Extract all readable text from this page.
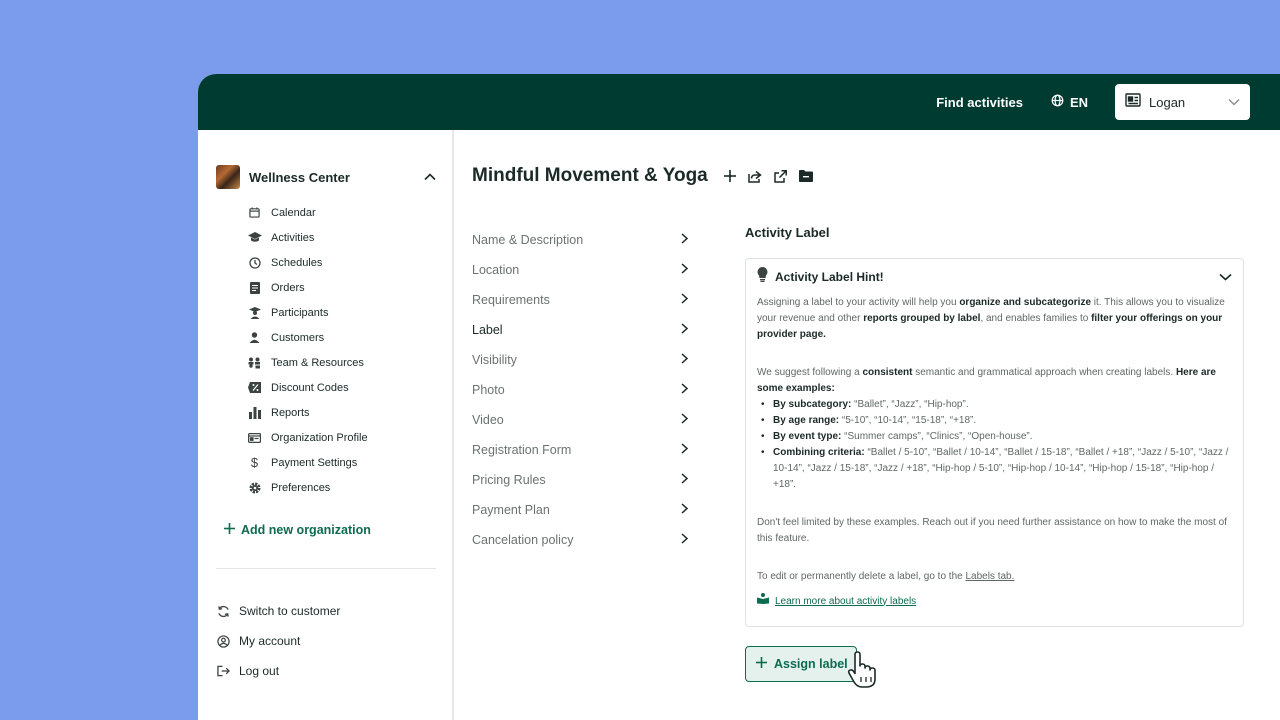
Find activities	EN	Logan
Wellness Center
Calendar
Activities
Schedules
Orders
Participants
Customers
Team & Resources
Discount Codes
Reports
Organization Profile
$	Payment Settings
Preferences
Add new organization
Switch to customer
My account
Log out
Mindful Movement & Yoga
Name & Description
Location
Requirements
Label
Visibility
Photo
Video
Registration Form
Pricing Rules
Payment Plan
Cancelation policy
Activity Label
Activity Label Hint!

Assigning a label to your activity will help you organize and subcategorize it. This allows you to visualize your revenue and other reports grouped by label, and enables families to filter your offerings on your provider page.

We suggest following a consistent semantic and grammatical approach when creating labels. Here are some examples:

• By subcategory: “Ballet”, “Jazz”, “Hip-hop”.
• By age range: “5-10”, “10-14”, “15-18”, “+18”.
• By event type: “Summer camps”, “Clinics”, “Open-house”.
• Combining criteria: “Ballet / 5-10”, “Ballet / 10-14”, “Ballet / 15-18”, “Ballet / +18”, “Jazz / 5-10”, “Jazz / 10-14”, “Jazz / 15-18”, “Jazz / +18”, “Hip-hop / 5-10”, “Hip-hop / 10-14”, “Hip-hop / 15-18”, “Hip-hop / +18”.

Don't feel limited by these examples. Reach out if you need further assistance on how to make the most of this feature.

To edit or permanently delete a label, go to the Labels tab.

Learn more about activity labels
Assign label
